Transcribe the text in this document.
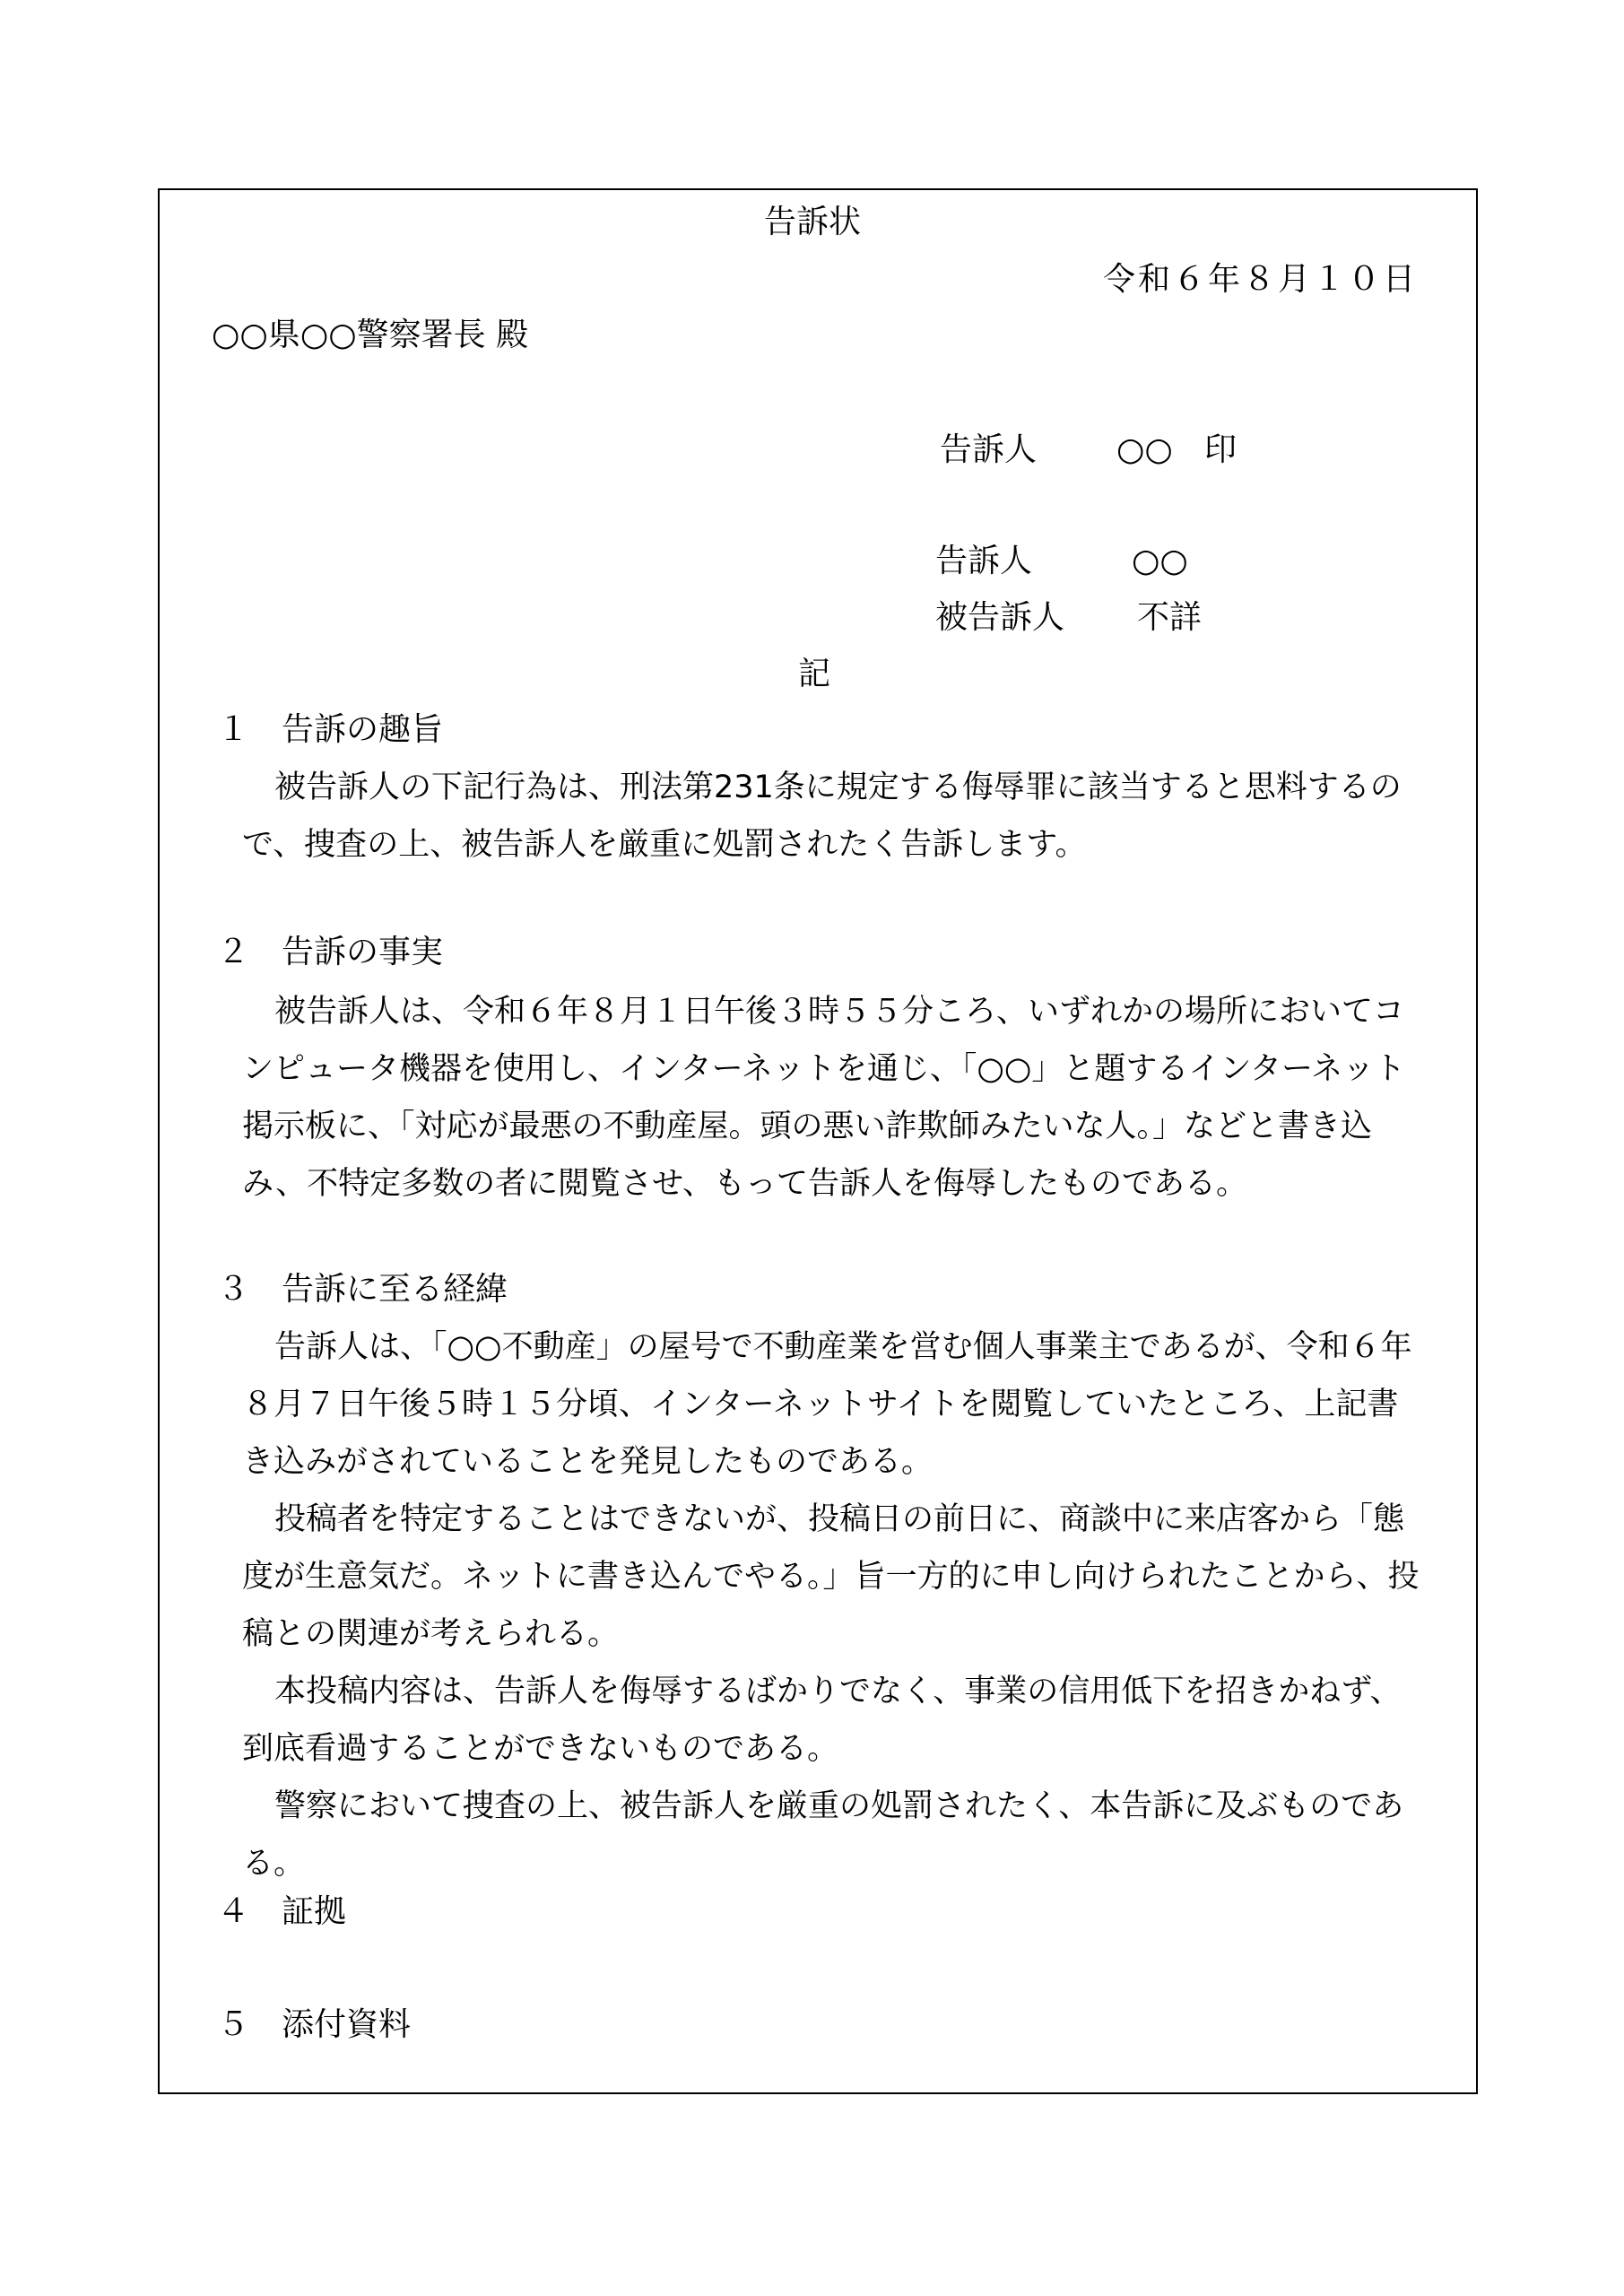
告訴状
令和６年８月１０日
○○県○○警察署長 殿
告訴人 ○○ 印
告訴人	○○
被告訴人 不詳
記
１　告訴の趣旨
被告訴人の下記行為は、刑法第231条に規定する侮辱罪に該当すると思料するので、捜査の上、被告訴人を厳重に処罰されたく告訴します。
２　告訴の事実
被告訴人は、令和６年８月１日午後３時５５分ころ、いずれかの場所においてコンピュータ機器を使用し、インターネットを通じ、「○○」と題するインターネット掲示板に、「対応が最悪の不動産屋。頭の悪い詐欺師みたいな人。」などと書き込み、不特定多数の者に閲覧させ、もって告訴人を侮辱したものである。
３　告訴に至る経緯
告訴人は、「○○不動産」の屋号で不動産業を営む個人事業主であるが、令和６年８月７日午後５時１５分頃、インターネットサイトを閲覧していたところ、上記書き込みがされていることを発見したものである。
投稿者を特定することはできないが、投稿日の前日に、商談中に来店客から「態度が生意気だ。ネットに書き込んでやる。」旨一方的に申し向けられたことから、投稿との関連が考えられる。
本投稿内容は、告訴人を侮辱するばかりでなく、事業の信用低下を招きかねず、到底看過することができないものである。
警察において捜査の上、被告訴人を厳重の処罰されたく、本告訴に及ぶものである。
４　証拠
５　添付資料
